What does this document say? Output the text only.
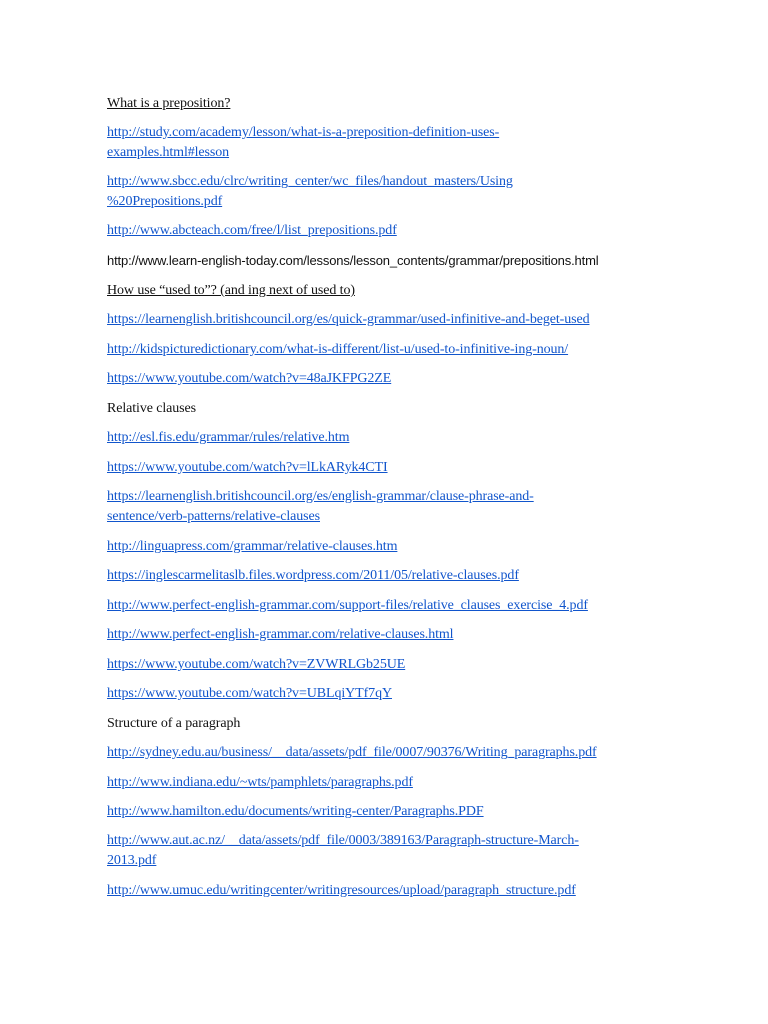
What is a preposition?
http://study.com/academy/lesson/what-is-a-preposition-definition-uses-
examples.html#lesson
http://www.sbcc.edu/clrc/writing_center/wc_files/handout_masters/Using
%20Prepositions.pdf
http://www.abcteach.com/free/l/list_prepositions.pdf
http://www.learn-english-today.com/lessons/lesson_contents/grammar/prepositions.html
How use “used to”? (and ing next of used to)
https://learnenglish.britishcouncil.org/es/quick-grammar/used-infinitive-and-beget-used
http://kidspicturedictionary.com/what-is-different/list-u/used-to-infinitive-ing-noun/
https://www.youtube.com/watch?v=48aJKFPG2ZE
Relative clauses
http://esl.fis.edu/grammar/rules/relative.htm
https://www.youtube.com/watch?v=lLkARyk4CTI
https://learnenglish.britishcouncil.org/es/english-grammar/clause-phrase-and-
sentence/verb-patterns/relative-clauses
http://linguapress.com/grammar/relative-clauses.htm
https://inglescarmelitaslb.files.wordpress.com/2011/05/relative-clauses.pdf
http://www.perfect-english-grammar.com/support-files/relative_clauses_exercise_4.pdf
http://www.perfect-english-grammar.com/relative-clauses.html
https://www.youtube.com/watch?v=ZVWRLGb25UE
https://www.youtube.com/watch?v=UBLqiYTf7qY
Structure of a paragraph
http://sydney.edu.au/business/__data/assets/pdf_file/0007/90376/Writing_paragraphs.pdf
http://www.indiana.edu/~wts/pamphlets/paragraphs.pdf
http://www.hamilton.edu/documents/writing-center/Paragraphs.PDF
http://www.aut.ac.nz/__data/assets/pdf_file/0003/389163/Paragraph-structure-March-
2013.pdf
http://www.umuc.edu/writingcenter/writingresources/upload/paragraph_structure.pdf
